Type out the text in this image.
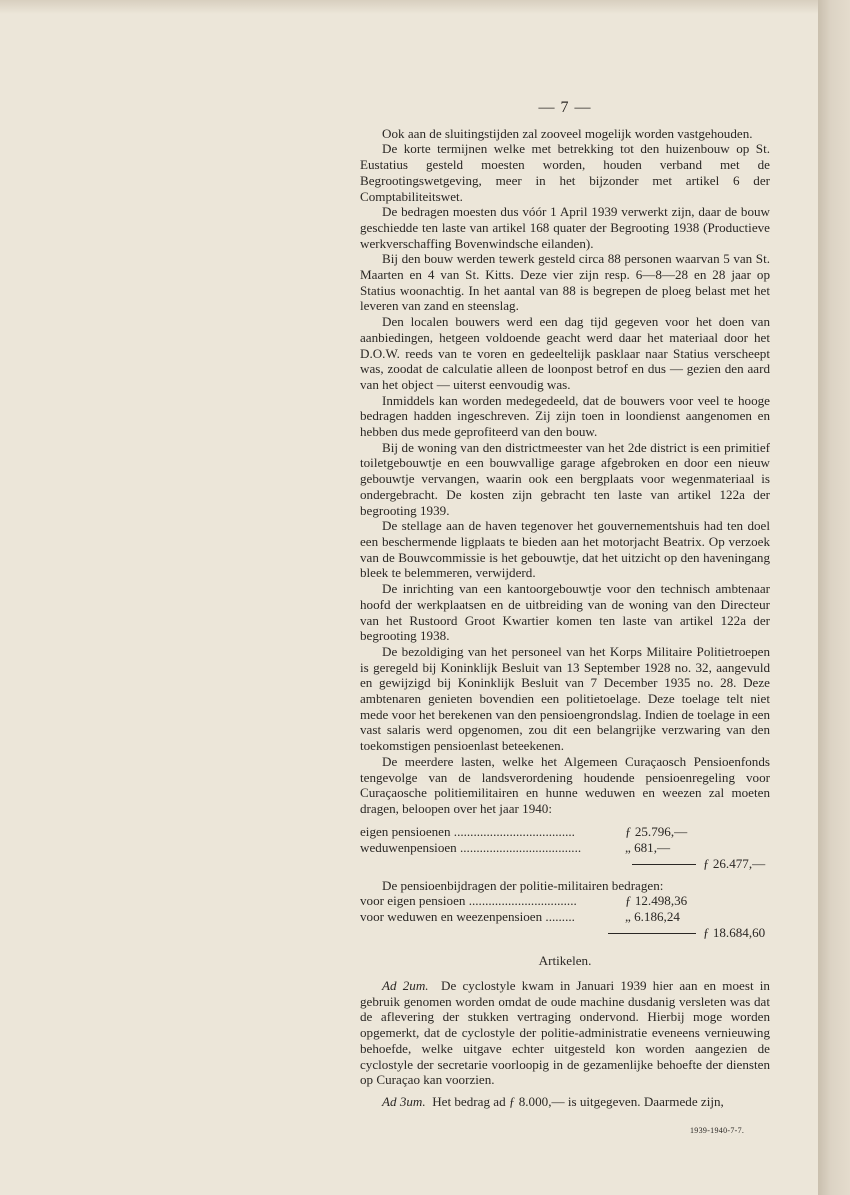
— 7 —

Ook aan de sluitingstijden zal zooveel mogelijk worden vastgehouden.

De korte termijnen welke met betrekking tot den huizenbouw op St. Eustatius gesteld moesten worden, houden verband met de Begrootingswetgeving, meer in het bijzonder met artikel 6 der Comptabiliteitswet.

De bedragen moesten dus vóór 1 April 1939 verwerkt zijn, daar de bouw geschiedde ten laste van artikel 168 quater der Begrooting 1938 (Productieve werkverschaffing Bovenwindsche eilanden).

Bij den bouw werden tewerk gesteld circa 88 personen waarvan 5 van St. Maarten en 4 van St. Kitts. Deze vier zijn resp. 6—8—28 en 28 jaar op Statius woonachtig. In het aantal van 88 is begrepen de ploeg belast met het leveren van zand en steenslag.

Den localen bouwers werd een dag tijd gegeven voor het doen van aanbiedingen, hetgeen voldoende geacht werd daar het materiaal door het D.O.W. reeds van te voren en gedeeltelijk pasklaar naar Statius verscheept was, zoodat de calculatie alleen de loonpost betrof en dus — gezien den aard van het object — uiterst eenvoudig was.

Inmiddels kan worden medegedeeld, dat de bouwers voor veel te hooge bedragen hadden ingeschreven. Zij zijn toen in loondienst aangenomen en hebben dus mede geprofiteerd van den bouw.

Bij de woning van den districtmeester van het 2de district is een primitief toiletgebouwtje en een bouwvallige garage afgebroken en door een nieuw gebouwtje vervangen, waarin ook een bergplaats voor wegenmateriaal is ondergebracht. De kosten zijn gebracht ten laste van artikel 122a der begrooting 1939.

De stellage aan de haven tegenover het gouvernementshuis had ten doel een beschermende ligplaats te bieden aan het motorjacht Beatrix. Op verzoek van de Bouwcommissie is het gebouwtje, dat het uitzicht op den haveningang bleek te belemmeren, verwijderd.

De inrichting van een kantoorgebouwtje voor den technisch ambtenaar hoofd der werkplaatsen en de uitbreiding van de woning van den Directeur van het Rustoord Groot Kwartier komen ten laste van artikel 122a der begrooting 1938.

De bezoldiging van het personeel van het Korps Militaire Politietroepen is geregeld bij Koninklijk Besluit van 13 September 1928 no. 32, aangevuld en gewijzigd bij Koninklijk Besluit van 7 December 1935 no. 28. Deze ambtenaren genieten bovendien een politietoelage. Deze toelage telt niet mede voor het berekenen van den pensioengrondslag. Indien de toelage in een vast salaris werd opgenomen, zou dit een belangrijke verzwaring van den toekomstigen pensioenlast beteekenen.

De meerdere lasten, welke het Algemeen Curaçaosch Pensioenfonds tengevolge van de landsverordening houdende pensioenregeling voor Curaçaosche politiemilitairen en hunne weduwen en weezen zal moeten dragen, beloopen over het jaar 1940:

eigen pensioenen .....................................	ƒ 25.796,—
weduwenpensioen .....................................	„ 681,—
ƒ 26.477,—

De pensioenbijdragen der politie-militairen bedragen:

voor eigen pensioen .................................	ƒ 12.498,36
voor weduwen en weezenpensioen .........	„ 6.186,24
ƒ 18.684,60
Artikelen.

Ad 2um. De cyclostyle kwam in Januari 1939 hier aan en moest in gebruik genomen worden omdat de oude machine dusdanig versleten was dat de aflevering der stukken vertraging ondervond. Hierbij moge worden opgemerkt, dat de cyclostyle der politie-administratie eveneens vernieuwing behoefde, welke uitgave echter uitgesteld kon worden aangezien de cyclostyle der secretarie voorloopig in de gezamenlijke behoefte der diensten op Curaçao kan voorzien.

Ad 3um. Het bedrag ad ƒ 8.000,— is uitgegeven. Daarmede zijn,

1939-1940-7-7.
